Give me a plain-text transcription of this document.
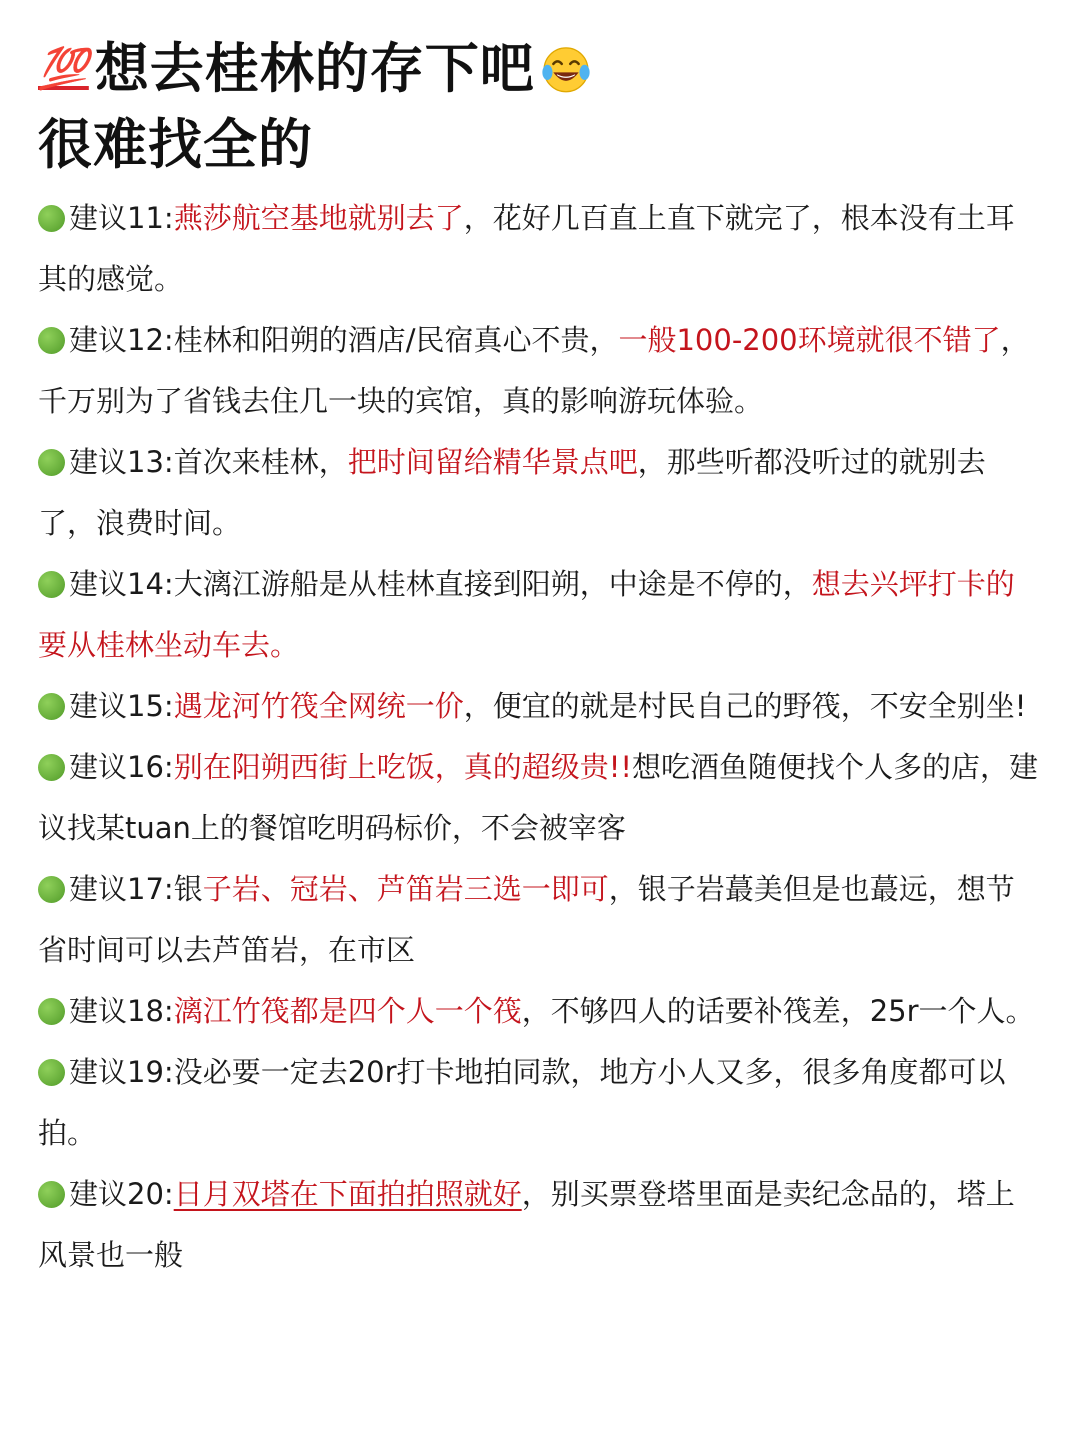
💯 想去桂林的存下吧
很难找全的

建议11:燕莎航空基地就别去了，花好几百直上直下就完了，根本没有土耳其的感觉。

建议12:桂林和阳朔的酒店/民宿真心不贵，一般100-200环境就很不错了，千万别为了省钱去住几一块的宾馆，真的影响游玩体验。

建议13:首次来桂林，把时间留给精华景点吧，那些听都没听过的就别去了，浪费时间。

建议14:大漓江游船是从桂林直接到阳朔，中途是不停的，想去兴坪打卡的要从桂林坐动车去。

建议15:遇龙河竹筏全网统一价，便宜的就是村民自己的野筏，不安全别坐!

建议16:别在阳朔西街上吃饭，真的超级贵!!想吃酒鱼随便找个人多的店，建议找某tuan上的餐馆吃明码标价，不会被宰客

建议17:银子岩、冠岩、芦笛岩三选一即可，银子岩蕞美但是也蕞远，想节省时间可以去芦笛岩，在市区

建议18:漓江竹筏都是四个人一个筏，不够四人的话要补筏差，25r一个人。

建议19:没必要一定去20r打卡地拍同款，地方小人又多，很多角度都可以拍。

建议20:日月双塔在下面拍拍照就好，别买票登塔里面是卖纪念品的，塔上风景也一般
